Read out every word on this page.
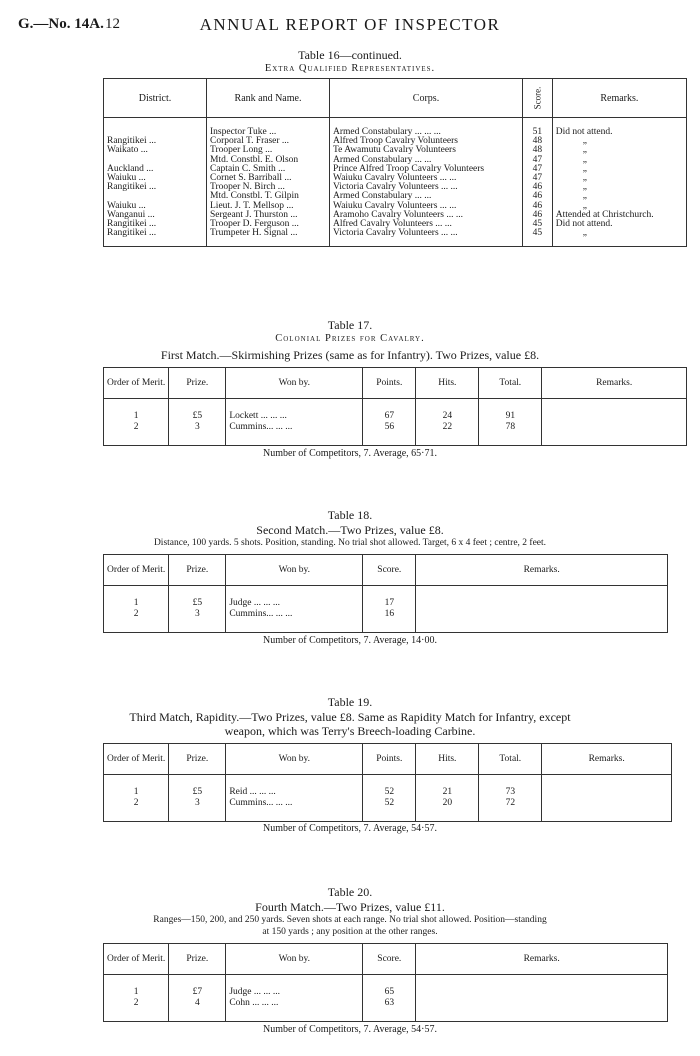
G.—No. 14A. 12	ANNUAL REPORT OF INSPECTOR
Table 16—continued.
Extra Qualified Representatives.
District.	Rank and Name.	Corps.	Score.	Remarks.
	Inspector Tuke ...	Armed Constabulary ... ... ...	51	Did not attend.
Rangitikei ...	Corporal T. Fraser ...	Alfred Troop Cavalry Volunteers	48	„
Waikato ...	Trooper Long ...	Te Awamutu Cavalry Volunteers	48	„
	Mtd. Constbl. E. Olson	Armed Constabulary ... ...	47	„
Auckland ...	Captain C. Smith ...	Prince Alfred Troop Cavalry Volunteers	47	„
Waiuku ...	Cornet S. Barriball ...	Waiuku Cavalry Volunteers ... ...	47	„
Rangitikei ...	Trooper N. Birch ...	Victoria Cavalry Volunteers ... ...	46	„
	Mtd. Constbl. T. Gilpin	Armed Constabulary ... ...	46	„
Waiuku ...	Lieut. J. T. Mellsop ...	Waiuku Cavalry Volunteers ... ...	46	„
Wanganui ...	Sergeant J. Thurston ...	Aramoho Cavalry Volunteers ... ...	46	Attended at Christchurch.
Rangitikei ...	Trooper D. Ferguson ...	Alfred Cavalry Volunteers ... ...	45	Did not attend.
Rangitikei ...	Trumpeter H. Signal ...	Victoria Cavalry Volunteers ... ...	45	„
Table 17.
Colonial Prizes for Cavalry.
First Match.—Skirmishing Prizes (same as for Infantry). Two Prizes, value £8.
Order of Merit.	Prize.	Won by.	Points.	Hits.	Total.	Remarks.
1	£5	Lockett ... ... ...	67	24	91	
2	3	Cummins... ... ...	56	22	78	
Number of Competitors, 7. Average, 65·71.
Table 18.
Second Match.—Two Prizes, value £8.
Distance, 100 yards. 5 shots. Position, standing. No trial shot allowed. Target, 6 x 4 feet ; centre, 2 feet.
Order of Merit.	Prize.	Won by.	Score.	Remarks.
1	£5	Judge ... ... ...	17	
2	3	Cummins... ... ...	16	
Number of Competitors, 7. Average, 14·00.
Table 19.
Third Match, Rapidity.—Two Prizes, value £8. Same as Rapidity Match for Infantry, except
weapon, which was Terry's Breech-loading Carbine.
Order of Merit.	Prize.	Won by.	Points.	Hits.	Total.	Remarks.
1	£5	Reid ... ... ...	52	21	73	
2	3	Cummins... ... ...	52	20	72	
Number of Competitors, 7. Average, 54·57.
Table 20.
Fourth Match.—Two Prizes, value £11.
Ranges—150, 200, and 250 yards. Seven shots at each range. No trial shot allowed. Position—standing
at 150 yards ; any position at the other ranges.
Order of Merit.	Prize.	Won by.	Score.	Remarks.
1	£7	Judge ... ... ...	65	
2	4	Cohn ... ... ...	63	
Number of Competitors, 7. Average, 54·57.
